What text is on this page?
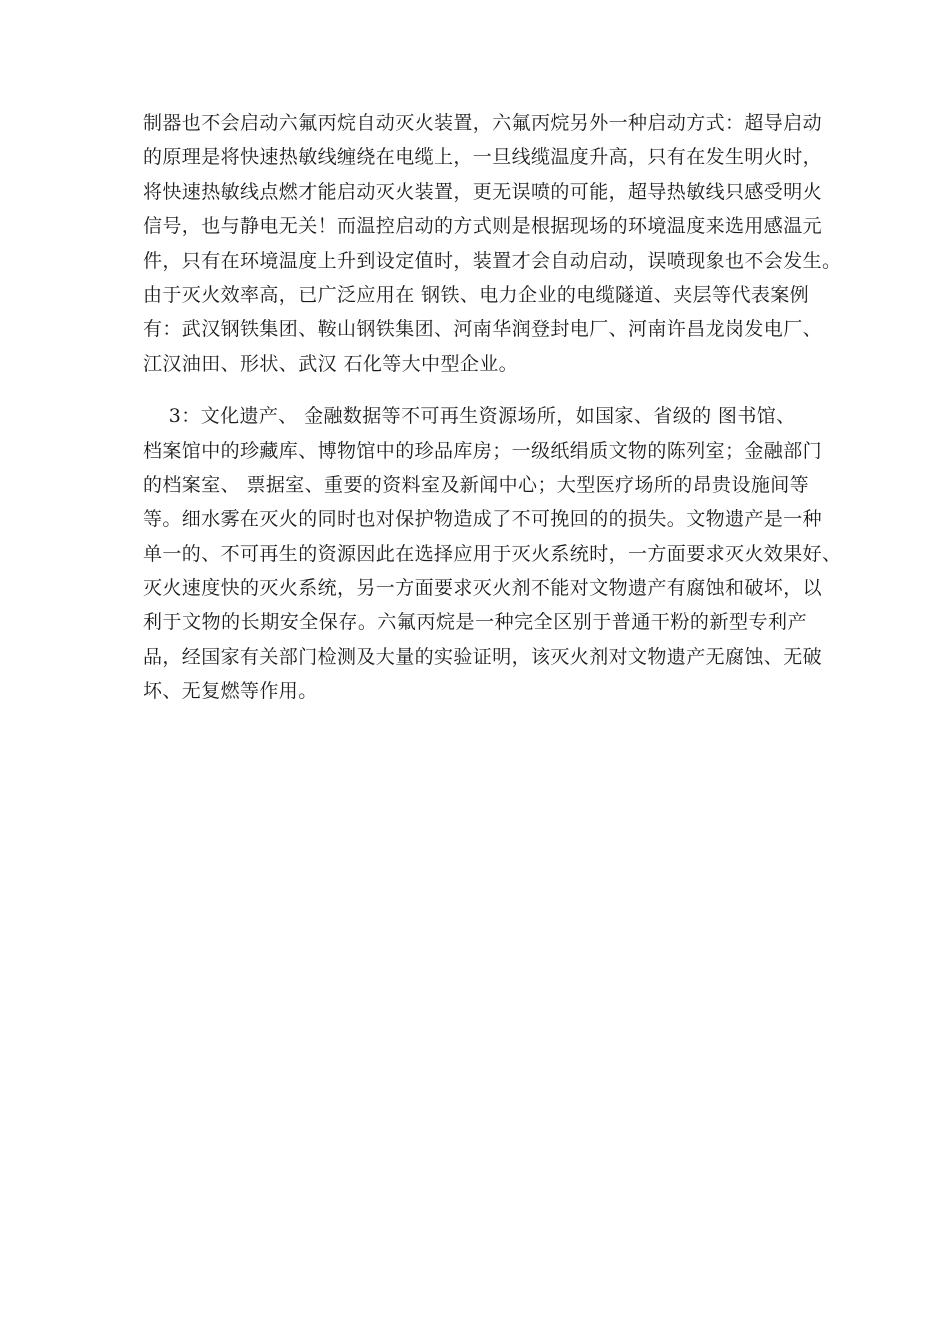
制器也不会启动六氟丙烷自动灭火装置，六氟丙烷另外一种启动方式：超导启动
的原理是将快速热敏线缠绕在电缆上，一旦线缆温度升高，只有在发生明火时，
将快速热敏线点燃才能启动灭火装置，更无误喷的可能，超导热敏线只感受明火
信号，也与静电无关！而温控启动的方式则是根据现场的环境温度来选用感温元
件，只有在环境温度上升到设定值时，装置才会自动启动，误喷现象也不会发生。
由于灭火效率高，已广泛应用在 钢铁、电力企业的电缆隧道、夹层等代表案例
有：武汉钢铁集团、鞍山钢铁集团、河南华润登封电厂、河南许昌龙岗发电厂、
江汉油田、形状、武汉 石化等大中型企业。
3：文化遗产、 金融数据等不可再生资源场所，如国家、省级的 图书馆、
档案馆中的珍藏库、博物馆中的珍品库房；一级纸绢质文物的陈列室；金融部门
的档案室、 票据室、重要的资料室及新闻中心；大型医疗场所的昂贵设施间等
等。细水雾在灭火的同时也对保护物造成了不可挽回的的损失。文物遗产是一种
单一的、不可再生的资源因此在选择应用于灭火系统时，一方面要求灭火效果好、
灭火速度快的灭火系统，另一方面要求灭火剂不能对文物遗产有腐蚀和破坏，以
利于文物的长期安全保存。六氟丙烷是一种完全区别于普通干粉的新型专利产
品，经国家有关部门检测及大量的实验证明，该灭火剂对文物遗产无腐蚀、无破
坏、无复燃等作用。
